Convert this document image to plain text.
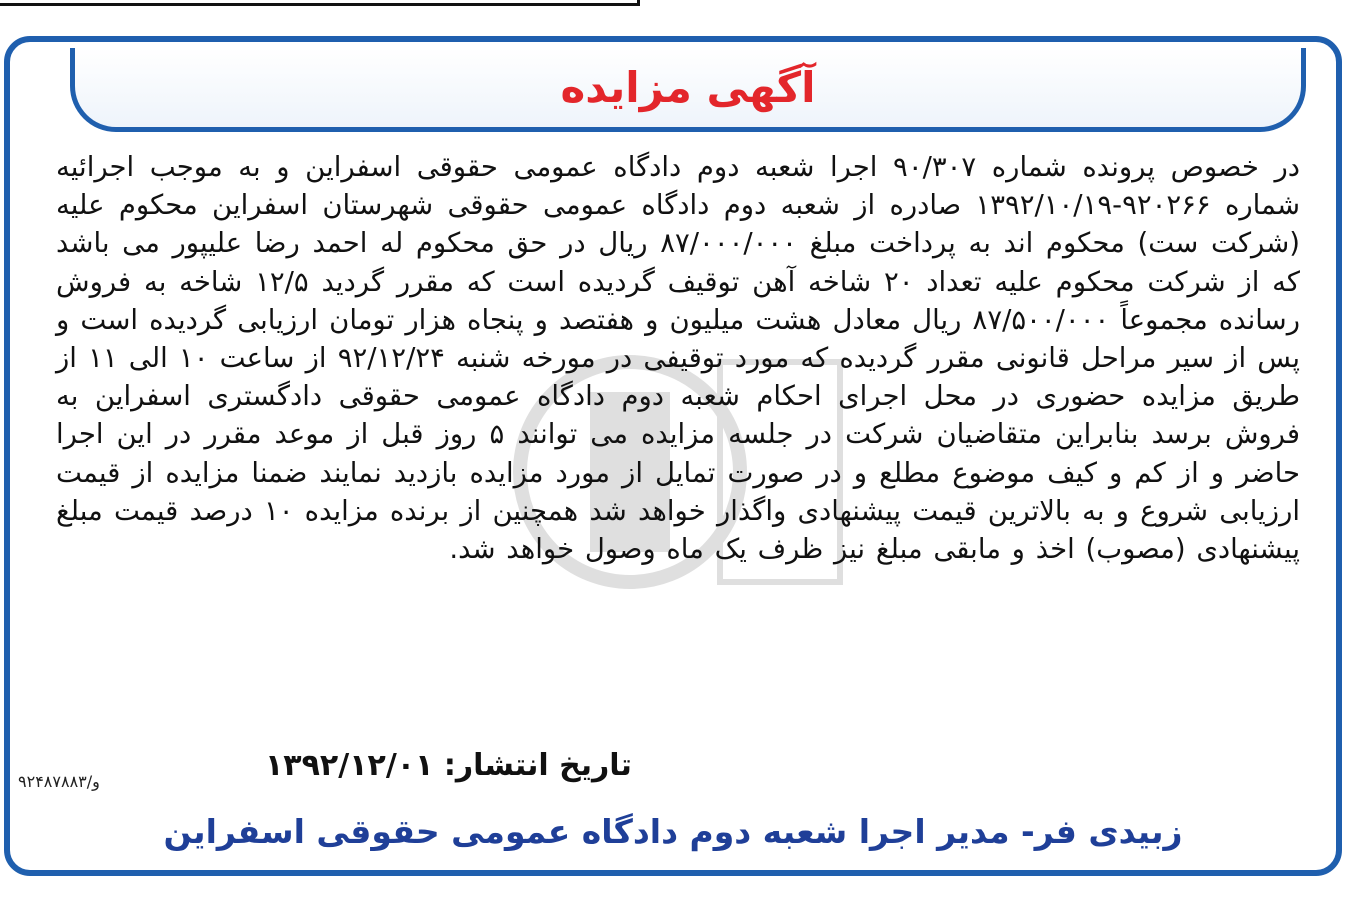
آگهی مزایده
در خصوص پرونده شماره ۹۰/۳۰۷ اجرا شعبه دوم دادگاه عمومی حقوقی اسفراین و به موجب اجرائیه شماره ۹۲۰۲۶۶-۱۳۹۲/۱۰/۱۹ صادره از شعبه دوم دادگاه عمومی حقوقی شهرستان اسفراین محکوم علیه (شرکت ست) محکوم اند به پرداخت مبلغ ۸۷/۰۰۰/۰۰۰ ریال در حق محکوم له احمد رضا علیپور می باشد که از شرکت محکوم علیه تعداد ۲۰ شاخه آهن توقیف گردیده است که مقرر گردید ۱۲/۵ شاخه به فروش رسانده مجموعاً ۸۷/۵۰۰/۰۰۰ ریال معادل هشت میلیون و هفتصد و پنجاه هزار تومان ارزیابی گردیده است و پس از سیر مراحل قانونی مقرر گردیده که مورد توقیفی در مورخه شنبه ۹۲/۱۲/۲۴ از ساعت ۱۰ الی ۱۱ از طریق مزایده حضوری در محل اجرای احکام شعبه دوم دادگاه عمومی حقوقی دادگستری اسفراین به فروش برسد بنابراین متقاضیان شرکت در جلسه مزایده می توانند ۵ روز قبل از موعد مقرر در این اجرا حاضر و از کم و کیف موضوع مطلع و در صورت تمایل از مورد مزایده بازدید نمایند ضمنا مزایده از قیمت ارزیابی شروع و به بالاترین قیمت پیشنهادی واگذار خواهد شد همچنین از برنده مزایده ۱۰ درصد قیمت مبلغ پیشنهادی (مصوب) اخذ و مابقی مبلغ نیز ظرف یک ماه وصول خواهد شد.
تاریخ انتشار: ۱۳۹۲/۱۲/۰۱
و/۹۲۴۸۷۸۸۳
زبیدی فر- مدیر اجرا شعبه دوم دادگاه عمومی حقوقی اسفراین
